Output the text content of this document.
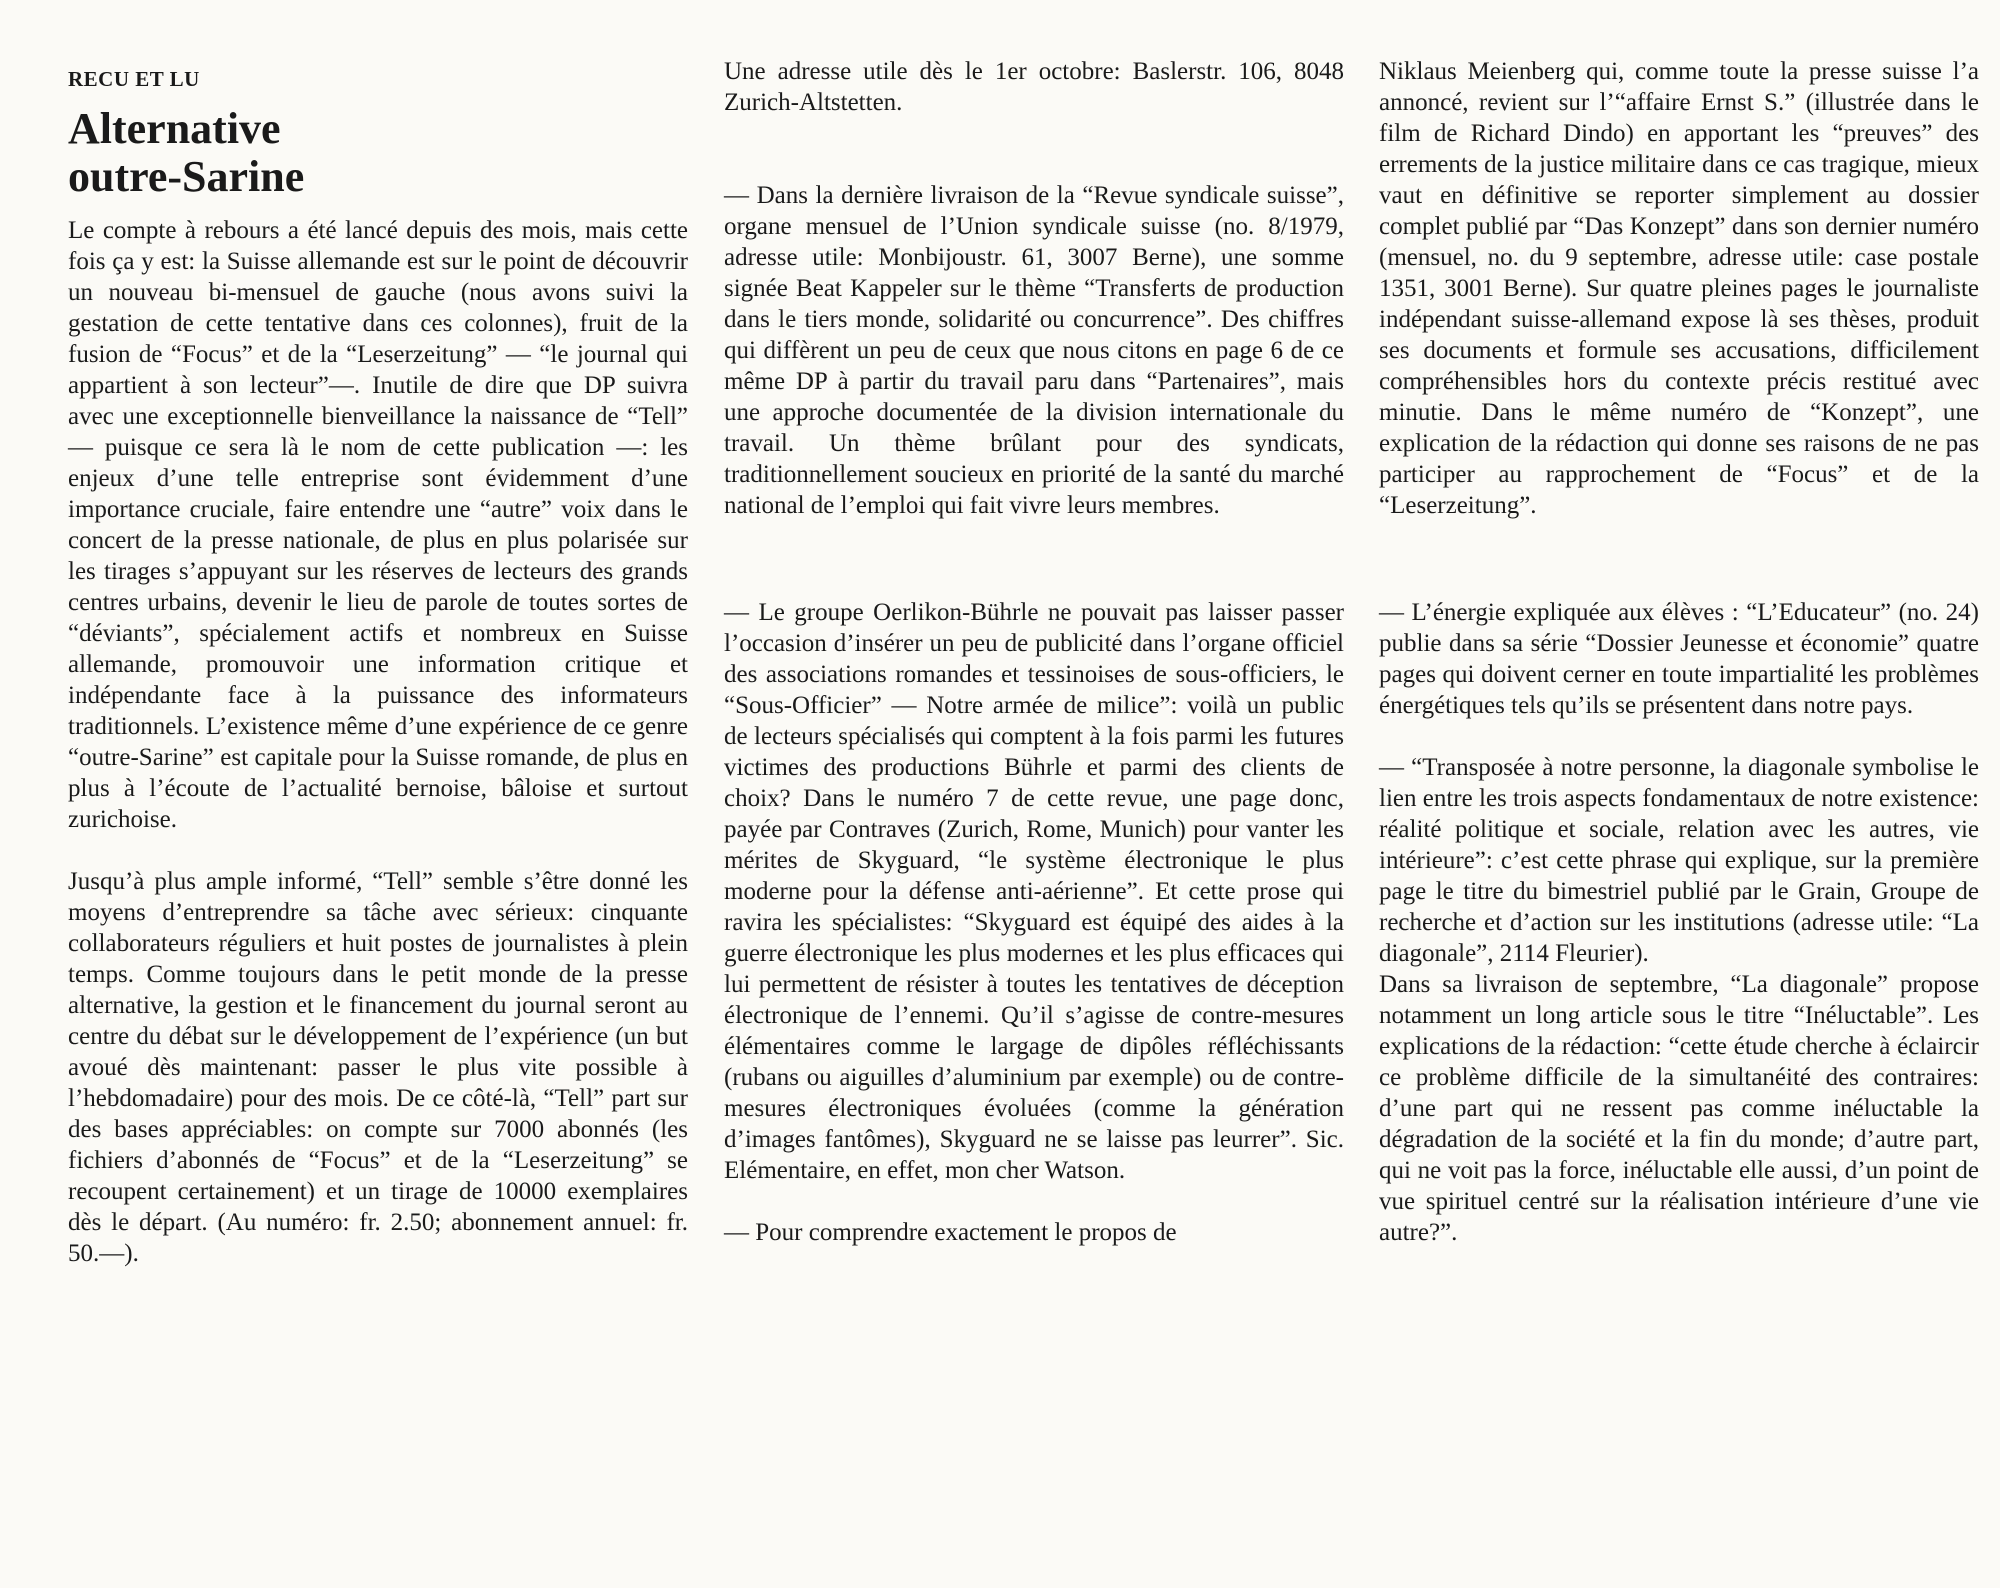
RECU ET LU
Alternative
outre-Sarine

Le compte à rebours a été lancé depuis des mois, mais cette fois ça y est: la Suisse allemande est sur le point de découvrir un nouveau bi-mensuel de gauche (nous avons suivi la gestation de cette tentative dans ces colonnes), fruit de la fusion de “Focus” et de la “Leserzeitung” — “le journal qui appartient à son lecteur”—. Inutile de dire que DP suivra avec une exceptionnelle bienveillance la naissance de “Tell” — puisque ce sera là le nom de cette publication —: les enjeux d’une telle entreprise sont évidemment d’une importance cruciale, faire entendre une “autre” voix dans le concert de la presse nationale, de plus en plus polarisée sur les tirages s’appuyant sur les réserves de lecteurs des grands centres urbains, devenir le lieu de parole de toutes sortes de “déviants”, spécialement actifs et nombreux en Suisse allemande, promouvoir une information critique et indépendante face à la puissance des informateurs traditionnels. L’existence même d’une expérience de ce genre “outre-Sarine” est capitale pour la Suisse romande, de plus en plus à l’écoute de l’actualité bernoise, bâloise et surtout zurichoise.

Jusqu’à plus ample informé, “Tell” semble s’être donné les moyens d’entreprendre sa tâche avec sérieux: cinquante collaborateurs réguliers et huit postes de journalistes à plein temps. Comme toujours dans le petit monde de la presse alternative, la gestion et le financement du journal seront au centre du débat sur le développement de l’expérience (un but avoué dès maintenant: passer le plus vite possible à l’hebdomadaire) pour des mois. De ce côté-là, “Tell” part sur des bases appréciables: on compte sur 7000 abonnés (les fichiers d’abonnés de “Focus” et de la “Leserzeitung” se recoupent certainement) et un tirage de 10000 exemplaires dès le départ. (Au numéro: fr. 2.50; abonnement annuel: fr. 50.—).

Une adresse utile dès le 1er octobre: Baslerstr. 106, 8048 Zurich-Altstetten.

— Dans la dernière livraison de la “Revue syndicale suisse”, organe mensuel de l’Union syndicale suisse (no. 8/1979, adresse utile: Monbijoustr. 61, 3007 Berne), une somme signée Beat Kappeler sur le thème “Transferts de production dans le tiers monde, solidarité ou concurrence”. Des chiffres qui diffèrent un peu de ceux que nous citons en page 6 de ce même DP à partir du travail paru dans “Partenaires”, mais une approche documentée de la division internationale du travail. Un thème brûlant pour des syndicats, traditionnellement soucieux en priorité de la santé du marché national de l’emploi qui fait vivre leurs membres.

— Le groupe Oerlikon-Bührle ne pouvait pas laisser passer l’occasion d’insérer un peu de publicité dans l’organe officiel des associations romandes et tessinoises de sous-officiers, le “Sous-Officier” — Notre armée de milice”: voilà un public de lecteurs spécialisés qui comptent à la fois parmi les futures victimes des productions Bührle et parmi des clients de choix? Dans le numéro 7 de cette revue, une page donc, payée par Contraves (Zurich, Rome, Munich) pour vanter les mérites de Skyguard, “le système électronique le plus moderne pour la défense anti-aérienne”. Et cette prose qui ravira les spécialistes: “Skyguard est équipé des aides à la guerre électronique les plus modernes et les plus efficaces qui lui permettent de résister à toutes les tentatives de déception électronique de l’ennemi. Qu’il s’agisse de contre-mesures élémentaires comme le largage de dipôles réfléchissants (rubans ou aiguilles d’aluminium par exemple) ou de contre-mesures électroniques évoluées (comme la génération d’images fantômes), Skyguard ne se laisse pas leurrer”. Sic. Elémentaire, en effet, mon cher Watson.

— Pour comprendre exactement le propos de

Niklaus Meienberg qui, comme toute la presse suisse l’a annoncé, revient sur l’“affaire Ernst S.” (illustrée dans le film de Richard Dindo) en apportant les “preuves” des errements de la justice militaire dans ce cas tragique, mieux vaut en définitive se reporter simplement au dossier complet publié par “Das Konzept” dans son dernier numéro (mensuel, no. du 9 septembre, adresse utile: case postale 1351, 3001 Berne). Sur quatre pleines pages le journaliste indépendant suisse-allemand expose là ses thèses, produit ses documents et formule ses accusations, difficilement compréhensibles hors du contexte précis restitué avec minutie. Dans le même numéro de “Konzept”, une explication de la rédaction qui donne ses raisons de ne pas participer au rapprochement de “Focus” et de la “Leserzeitung”.

— L’énergie expliquée aux élèves : “L’Educateur” (no. 24) publie dans sa série “Dossier Jeunesse et économie” quatre pages qui doivent cerner en toute impartialité les problèmes énergétiques tels qu’ils se présentent dans notre pays.

— “Transposée à notre personne, la diagonale symbolise le lien entre les trois aspects fondamentaux de notre existence: réalité politique et sociale, relation avec les autres, vie intérieure”: c’est cette phrase qui explique, sur la première page le titre du bimestriel publié par le Grain, Groupe de recherche et d’action sur les institutions (adresse utile: “La diagonale”, 2114 Fleurier).

Dans sa livraison de septembre, “La diagonale” propose notamment un long article sous le titre “Inéluctable”. Les explications de la rédaction: “cette étude cherche à éclaircir ce problème difficile de la simultanéité des contraires: d’une part qui ne ressent pas comme inéluctable la dégradation de la société et la fin du monde; d’autre part, qui ne voit pas la force, inéluctable elle aussi, d’un point de vue spirituel centré sur la réalisation intérieure d’une vie autre?”.
